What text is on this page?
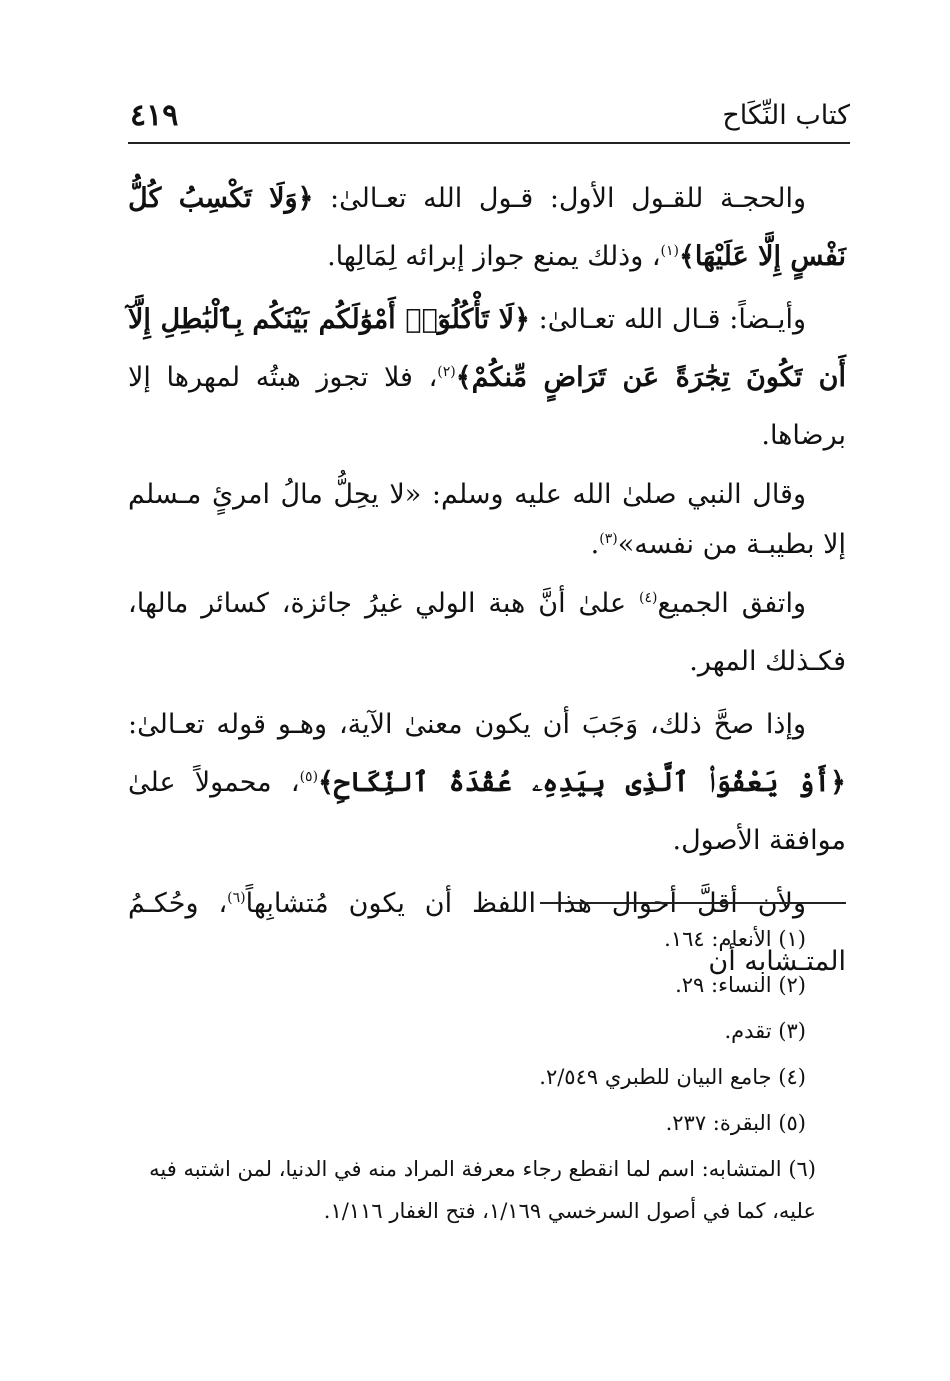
كتاب النِّكَاح
٤١٩

والحجـة للقـول الأول: قـول الله تعـالىٰ: ﴿وَلَا تَكْسِبُ كُلُّ نَفْسٍ إِلَّا عَلَيْهَا﴾$^{(١)}$، وذلك يمنع جواز إبرائه لِمَالِها.

وأيـضاً: قـال الله تعـالىٰ: ﴿لَا تَأْكُلُوٓا۟ أَمْوَٰلَكُم بَيْنَكُم بِٱلْبَٰطِلِ إِلَّآ أَن تَكُونَ تِجَٰرَةً عَن تَرَاضٍ مِّنكُمْ﴾$^{(٢)}$، فلا تجوز هبتُه لمهرها إلا برضاها.

وقال النبي صلىٰ الله عليه وسلم: «لا يحِلُّ مالُ امرئٍ مـسلم إلا بطيبـة من نفسه»$^{(٣)}$.

واتفق الجميع$^{(٤)}$ علىٰ أنَّ هبة الولي غيرُ جائزة، كسائر مالها، فكـذلك المهر.

وإذا صحَّ ذلك، وَجَبَ أن يكون معنىٰ الآية، وهـو قوله تعـالىٰ: ﴿أَوْ يَعْفُوَا۟ ٱلَّذِى بِيَدِهِۦ عُقْدَةُ ٱلنِّكَاحِ﴾$^{(٥)}$، محمولاً علىٰ موافقة الأصول.

ولأن أقلَّ أحوال هذا اللفظ أن يكون مُتشابِهاً$^{(٦)}$، وحُكـمُ المتـشابه أن

(١) الأنعام: ١٦٤.

(٢) النساء: ٢٩.

(٣) تقدم.

(٤) جامع البيان للطبري ٢/٥٤٩.

(٥) البقرة: ٢٣٧.

(٦) المتشابه: اسم لما انقطع رجاء معرفة المراد منه في الدنيا، لمن اشتبه فيه عليه، كما في أصول السرخسي ١/١٦٩، فتح الغفار ١/١١٦.
